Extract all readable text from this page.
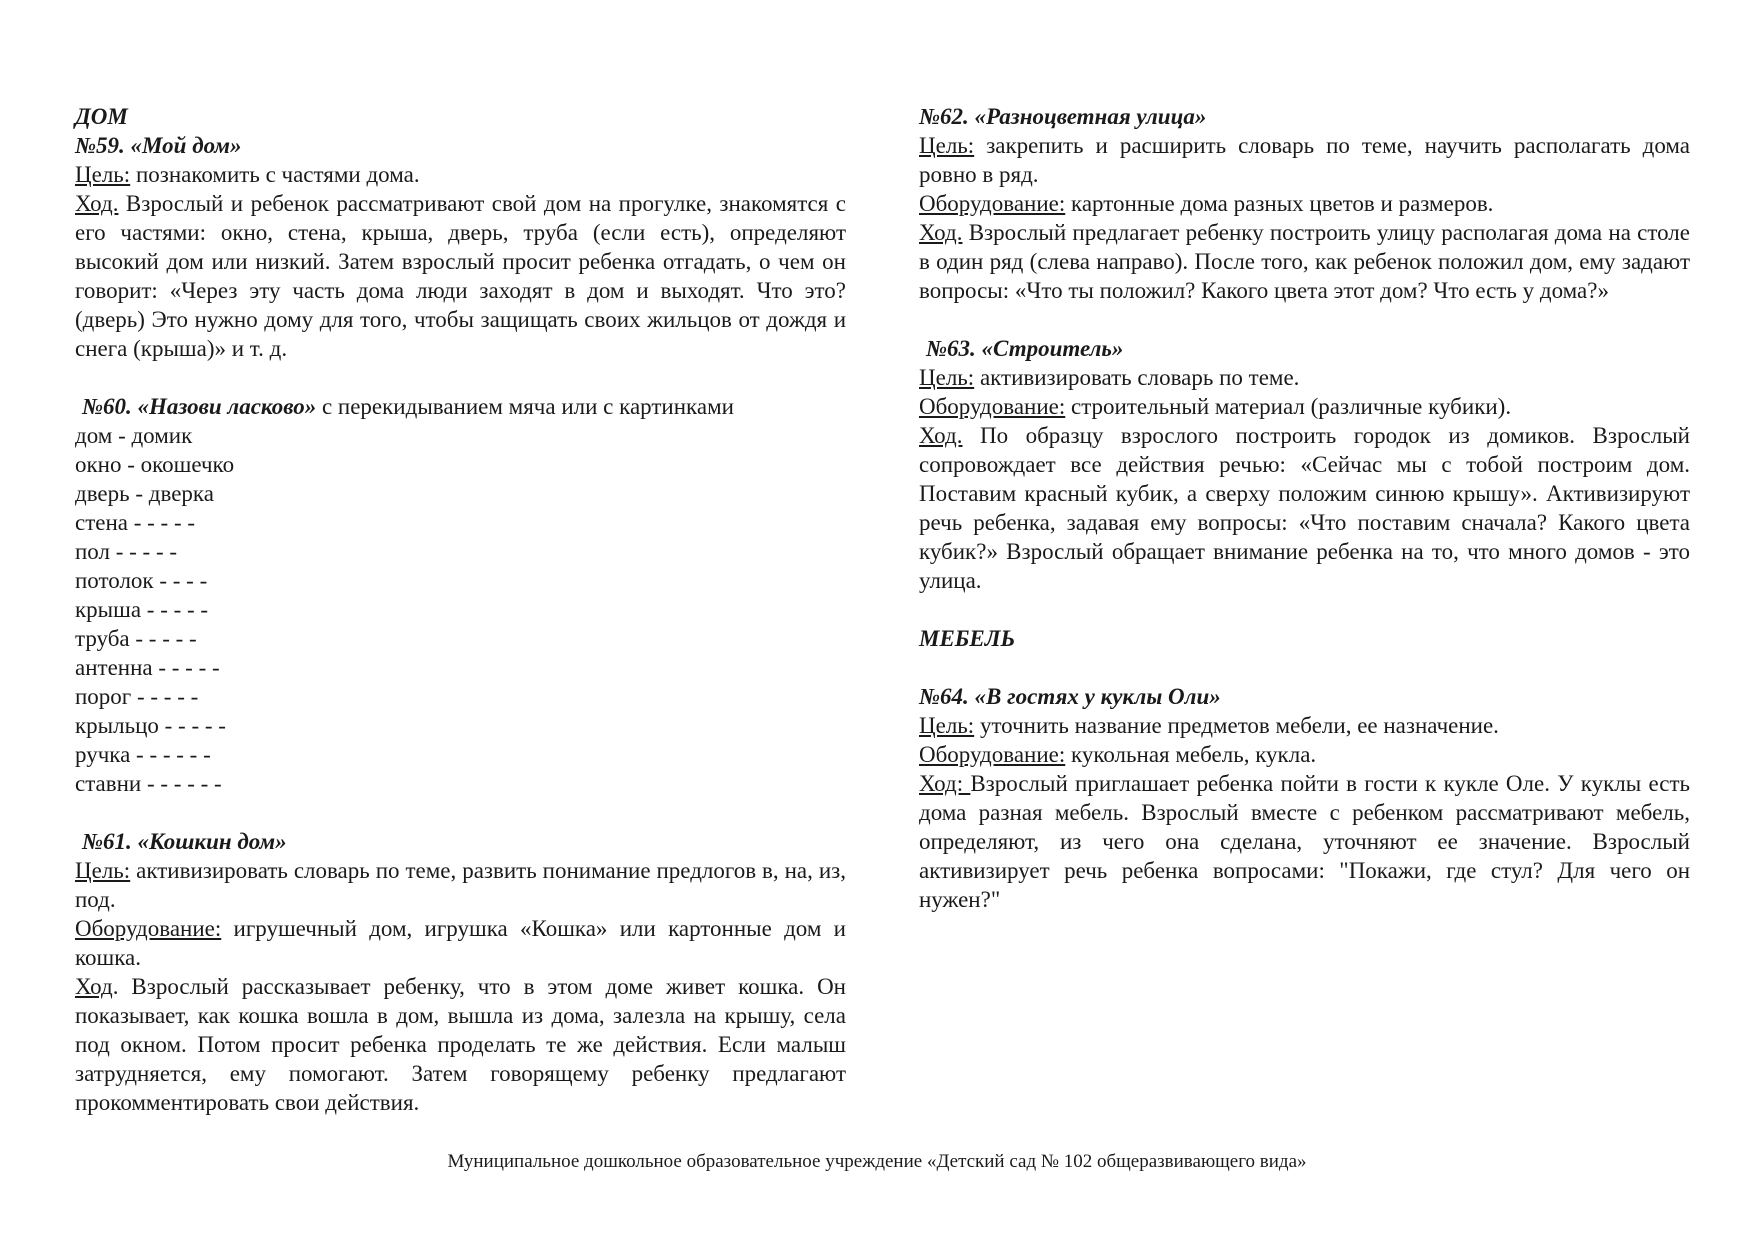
ДОМ
№59. «Мой дом»
Цель: познакомить с частями дома.
Ход. Взрослый и ребенок рассматривают свой дом на прогулке, знакомятся с его частями: окно, стена, крыша, дверь, труба (если есть), определяют высокий дом или низкий. Затем взрослый просит ребенка отгадать, о чем он говорит: «Через эту часть дома люди заходят в дом и выходят. Что это? (дверь) Это нужно дому для того, чтобы защищать своих жильцов от дождя и снега (крыша)» и т. д.
№60. «Назови ласково» с перекидыванием мяча или с картинками
дом - домик
окно - окошечко
дверь - дверка
стена - - - - -
пол - - - - -
потолок - - - -
крыша - - - - -
труба - - - - -
антенна - - - - -
порог - - - - -
крыльцо - - - - -
ручка - - - - - -
ставни - - - - - -
№61. «Кошкин дом»
Цель: активизировать словарь по теме, развить понимание предлогов в, на, из, под.
Оборудование: игрушечный дом, игрушка «Кошка» или картонные дом и кошка.
Ход. Взрослый рассказывает ребенку, что в этом доме живет кошка. Он показывает, как кошка вошла в дом, вышла из дома, залезла на крышу, села под окном. Потом просит ребенка проделать те же действия. Если малыш затрудняется, ему помогают. Затем говорящему ребенку предлагают прокомментировать свои действия.
№62. «Разноцветная улица»
Цель: закрепить и расширить словарь по теме, научить располагать дома ровно в ряд.
Оборудование: картонные дома разных цветов и размеров.
Ход. Взрослый предлагает ребенку построить улицу располагая дома на столе в один ряд (слева направо). После того, как ребенок положил дом, ему задают вопросы: «Что ты положил? Какого цвета этот дом? Что есть у дома?»
№63. «Строитель»
Цель: активизировать словарь по теме.
Оборудование: строительный материал (различные кубики).
Ход. По образцу взрослого построить городок из домиков. Взрослый сопровождает все действия речью: «Сейчас мы с тобой построим дом. Поставим красный кубик, а сверху положим синюю крышу». Активизируют речь ребенка, задавая ему вопросы: «Что поставим сначала? Какого цвета кубик?» Взрослый обращает внимание ребенка на то, что много домов - это улица.
МЕБЕЛЬ
№64. «В гостях у куклы Оли»
Цель: уточнить название предметов мебели, ее назначение.
Оборудование: кукольная мебель, кукла.
Ход: Взрослый приглашает ребенка пойти в гости к кукле Оле. У куклы есть дома разная мебель. Взрослый вместе с ребенком рассматривают мебель, определяют, из чего она сделана, уточняют ее значение. Взрослый активизирует речь ребенка вопросами: "Покажи, где стул? Для чего он нужен?"
Муниципальное дошкольное образовательное учреждение «Детский сад № 102 общеразвивающего вида»
